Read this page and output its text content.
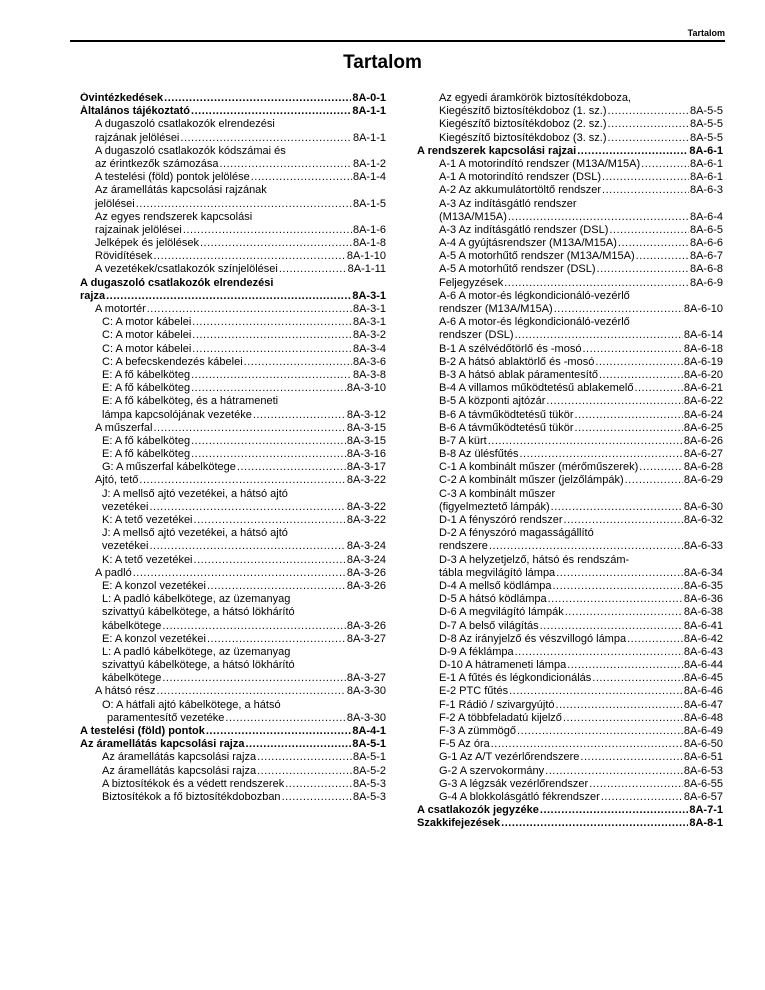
Tartalom
Tartalom
Óvintézkedések .....	8A-0-1
Általános tájékoztató .....	8A-1-1
A dugaszoló csatlakozók elrendezési
rajzának jelölései .....	8A-1-1
A dugaszoló csatlakozók kódszámai és
az érintkezők számozása .....	8A-1-2
A testelési (föld) pontok jelölése .....	8A-1-4
Az áramellátás kapcsolási rajzának
jelölései .....	8A-1-5
Az egyes rendszerek kapcsolási
rajzainak jelölései .....	8A-1-6
Jelképek és jelölések .....	8A-1-8
Rövidítések .....	8A-1-10
A vezetékek/csatlakozók színjelölései .....	8A-1-11
A dugaszoló csatlakozók elrendezési
rajza .....	8A-3-1
A motortér .....	8A-3-1
C: A motor kábelei .....	8A-3-1
C: A motor kábelei .....	8A-3-2
C: A motor kábelei .....	8A-3-4
C: A befecskendezés kábelei .....	8A-3-6
E: A fő kábelköteg .....	8A-3-8
E: A fő kábelköteg .....	8A-3-10
E: A fő kábelköteg, és a hátrameneti
lámpa kapcsolójának vezetéke .....	8A-3-12
A műszerfal .....	8A-3-15
E: A fő kábelköteg .....	8A-3-15
E: A fő kábelköteg .....	8A-3-16
G: A műszerfal kábelkötege .....	8A-3-17
Ajtó, tető .....	8A-3-22
J: A mellső ajtó vezetékei, a hátsó ajtó
vezetékei .....	8A-3-22
K: A tető vezetékei .....	8A-3-22
J: A mellső ajtó vezetékei, a hátsó ajtó
vezetékei .....	8A-3-24
K: A tető vezetékei .....	8A-3-24
A padló .....	8A-3-26
E: A konzol vezetékei .....	8A-3-26
L: A padló kábelkötege, az üzemanyag
szivattyú kábelkötege, a hátsó lökhárító
kábelkötege .....	8A-3-26
E: A konzol vezetékei .....	8A-3-27
L: A padló kábelkötege, az üzemanyag
szivattyú kábelkötege, a hátsó lökhárító
kábelkötege .....	8A-3-27
A hátsó rész .....	8A-3-30
O: A hátfali ajtó kábelkötege, a hátsó
paramentesítő vezetéke .....	8A-3-30
A testelési (föld) pontok .....	8A-4-1
Az áramellátás kapcsolási rajza .....	8A-5-1
Az áramellátás kapcsolási rajza .....	8A-5-1
Az áramellátás kapcsolási rajza .....	8A-5-2
A biztosítékok és a védett rendszerek .....	8A-5-3
Biztosítékok a fő biztosítékdobozban .....	8A-5-3
Az egyedi áramkörök biztosítékdoboza,
Kiegészítő biztosítékdoboz (1. sz.) .....	8A-5-5
Kiegészítő biztosítékdoboz (2. sz.) .....	8A-5-5
Kiegészítő biztosítékdoboz (3. sz.) .....	8A-5-5
A rendszerek kapcsolási rajzai .....	8A-6-1
A-1 A motorindító rendszer (M13A/M15A) .....	8A-6-1
A-1 A motorindító rendszer (DSL) .....	8A-6-1
A-2 Az akkumulátortöltő rendszer .....	8A-6-3
A-3 Az indításgátló rendszer
(M13A/M15A) .....	8A-6-4
A-3 Az indításgátló rendszer (DSL) .....	8A-6-5
A-4 A gyújtásrendszer (M13A/M15A) .....	8A-6-6
A-5 A motorhűtő rendszer (M13A/M15A) .....	8A-6-7
A-5 A motorhűtő rendszer (DSL) .....	8A-6-8
Feljegyzések .....	8A-6-9
A-6 A motor-és légkondicionáló-vezérlő
rendszer (M13A/M15A) .....	8A-6-10
A-6 A motor-és légkondicionáló-vezérlő
rendszer (DSL) .....	8A-6-14
B-1 A szélvédőtörlő és -mosó .....	8A-6-18
B-2 A hátsó ablaktörlő és -mosó .....	8A-6-19
B-3 A hátsó ablak páramentesítő .....	8A-6-20
B-4 A villamos működtetésű ablakemelő .....	8A-6-21
B-5 A központi ajtózár .....	8A-6-22
B-6 A távműködtetésű tükör .....	8A-6-24
B-6 A távműködtetésű tükör .....	8A-6-25
B-7 A kürt .....	8A-6-26
B-8 Az ülésfűtés .....	8A-6-27
C-1 A kombinált műszer (mérőműszerek) .....	8A-6-28
C-2 A kombinált műszer (jelzőlámpák) .....	8A-6-29
C-3 A kombinált műszer
(figyelmeztető lámpák) .....	8A-6-30
D-1 A fényszóró rendszer .....	8A-6-32
D-2 A fényszóró magasságállító
rendszere .....	8A-6-33
D-3 A helyzetjelző, hátsó és rendszám-
tábla megvilágító lámpa .....	8A-6-34
D-4 A mellső ködlámpa .....	8A-6-35
D-5 A hátsó ködlámpa .....	8A-6-36
D-6 A megvilágító lámpák .....	8A-6-38
D-7 A belső világítás .....	8A-6-41
D-8 Az irányjelző és vészvillogó lámpa .....	8A-6-42
D-9 A féklámpa .....	8A-6-43
D-10 A hátrameneti lámpa .....	8A-6-44
E-1 A fűtés és légkondicionálás .....	8A-6-45
E-2 PTC fűtés .....	8A-6-46
F-1 Rádió / szivargyújtó .....	8A-6-47
F-2 A többfeladatú kijelző .....	8A-6-48
F-3 A zümmögő .....	8A-6-49
F-5 Az óra .....	8A-6-50
G-1 Az A/T vezérlőrendszere .....	8A-6-51
G-2 A szervokormány .....	8A-6-53
G-3 A légzsák vezérlőrendszer .....	8A-6-55
G-4 A blokkolásgátló fékrendszer .....	8A-6-57
A csatlakozók jegyzéke .....	8A-7-1
Szakkifejezések .....	8A-8-1
